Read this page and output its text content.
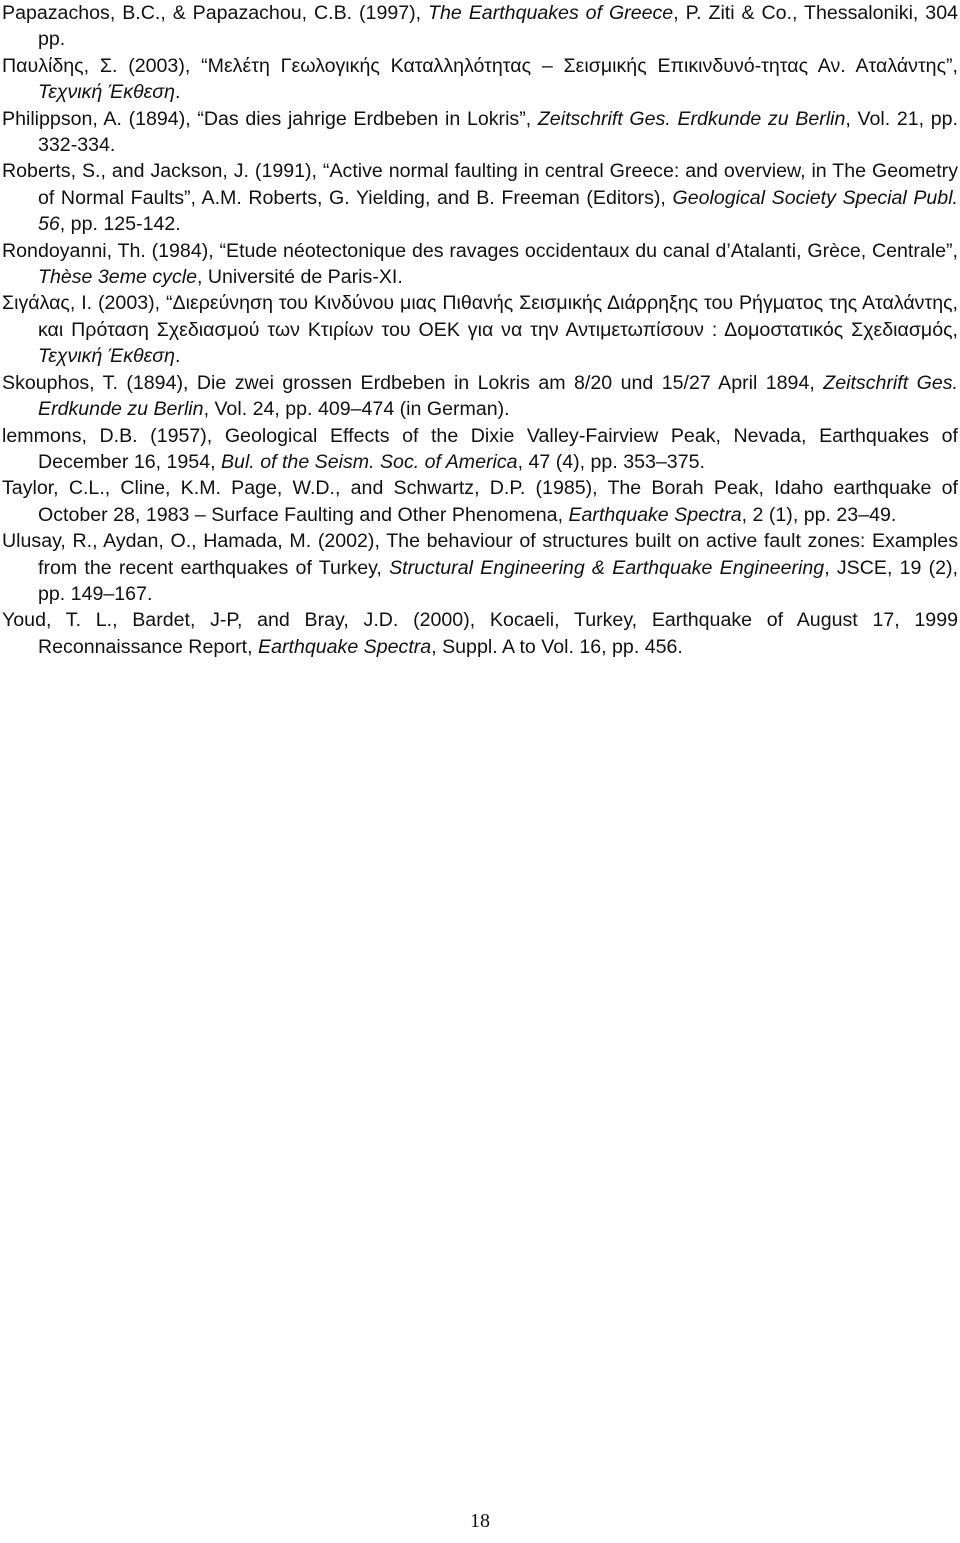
Papazachos, B.C., & Papazachou, C.B. (1997), The Earthquakes of Greece, P. Ziti & Co., Thessaloniki, 304 pp.

Παυλίδης, Σ. (2003), “Μελέτη Γεωλογικής Καταλληλότητας – Σεισμικής Επικινδυνό-τητας Αν. Αταλάντης”, Τεχνική Έκθεση.

Philippson, A. (1894), “Das dies jahrige Erdbeben in Lokris”, Zeitschrift Ges. Erdkunde zu Berlin, Vol. 21, pp. 332-334.

Roberts, S., and Jackson, J. (1991), “Active normal faulting in central Greece: and overview, in The Geometry of Normal Faults”, A.M. Roberts, G. Yielding, and B. Freeman (Editors), Geological Society Special Publ. 56, pp. 125-142.

Rondoyanni, Th. (1984), “Etude néotectonique des ravages occidentaux du canal d’Atalanti, Grèce, Centrale”, Thèse 3eme cycle, Université de Paris-XI.

Σιγάλας, Ι. (2003), “Διερεύνηση του Κινδύνου μιας Πιθανής Σεισμικής Διάρρηξης του Ρήγματος της Αταλάντης, και Πρόταση Σχεδιασμού των Κτιρίων του ΟΕΚ για να την Αντιμετωπίσουν : Δομοστατικός Σχεδιασμός, Τεχνική Έκθεση.

Skouphos, T. (1894), Die zwei grossen Erdbeben in Lokris am 8/20 und 15/27 April 1894, Zeitschrift Ges. Erdkunde zu Berlin, Vol. 24, pp. 409–474 (in German).

lemmons, D.B. (1957), Geological Effects of the Dixie Valley-Fairview Peak, Nevada, Earthquakes of December 16, 1954, Bul. of the Seism. Soc. of America, 47 (4), pp. 353–375.

Taylor, C.L., Cline, K.M. Page, W.D., and Schwartz, D.P. (1985), The Borah Peak, Idaho earthquake of October 28, 1983 – Surface Faulting and Other Phenomena, Earthquake Spectra, 2 (1), pp. 23–49.

Ulusay, R., Aydan, O., Hamada, M. (2002), The behaviour of structures built on active fault zones: Examples from the recent earthquakes of Turkey, Structural Engineering & Earthquake Engineering, JSCE, 19 (2), pp. 149–167.

Youd, T. L., Bardet, J-P, and Bray, J.D. (2000), Kocaeli, Turkey, Earthquake of August 17, 1999 Reconnaissance Report, Earthquake Spectra, Suppl. A to Vol. 16, pp. 456.

18
